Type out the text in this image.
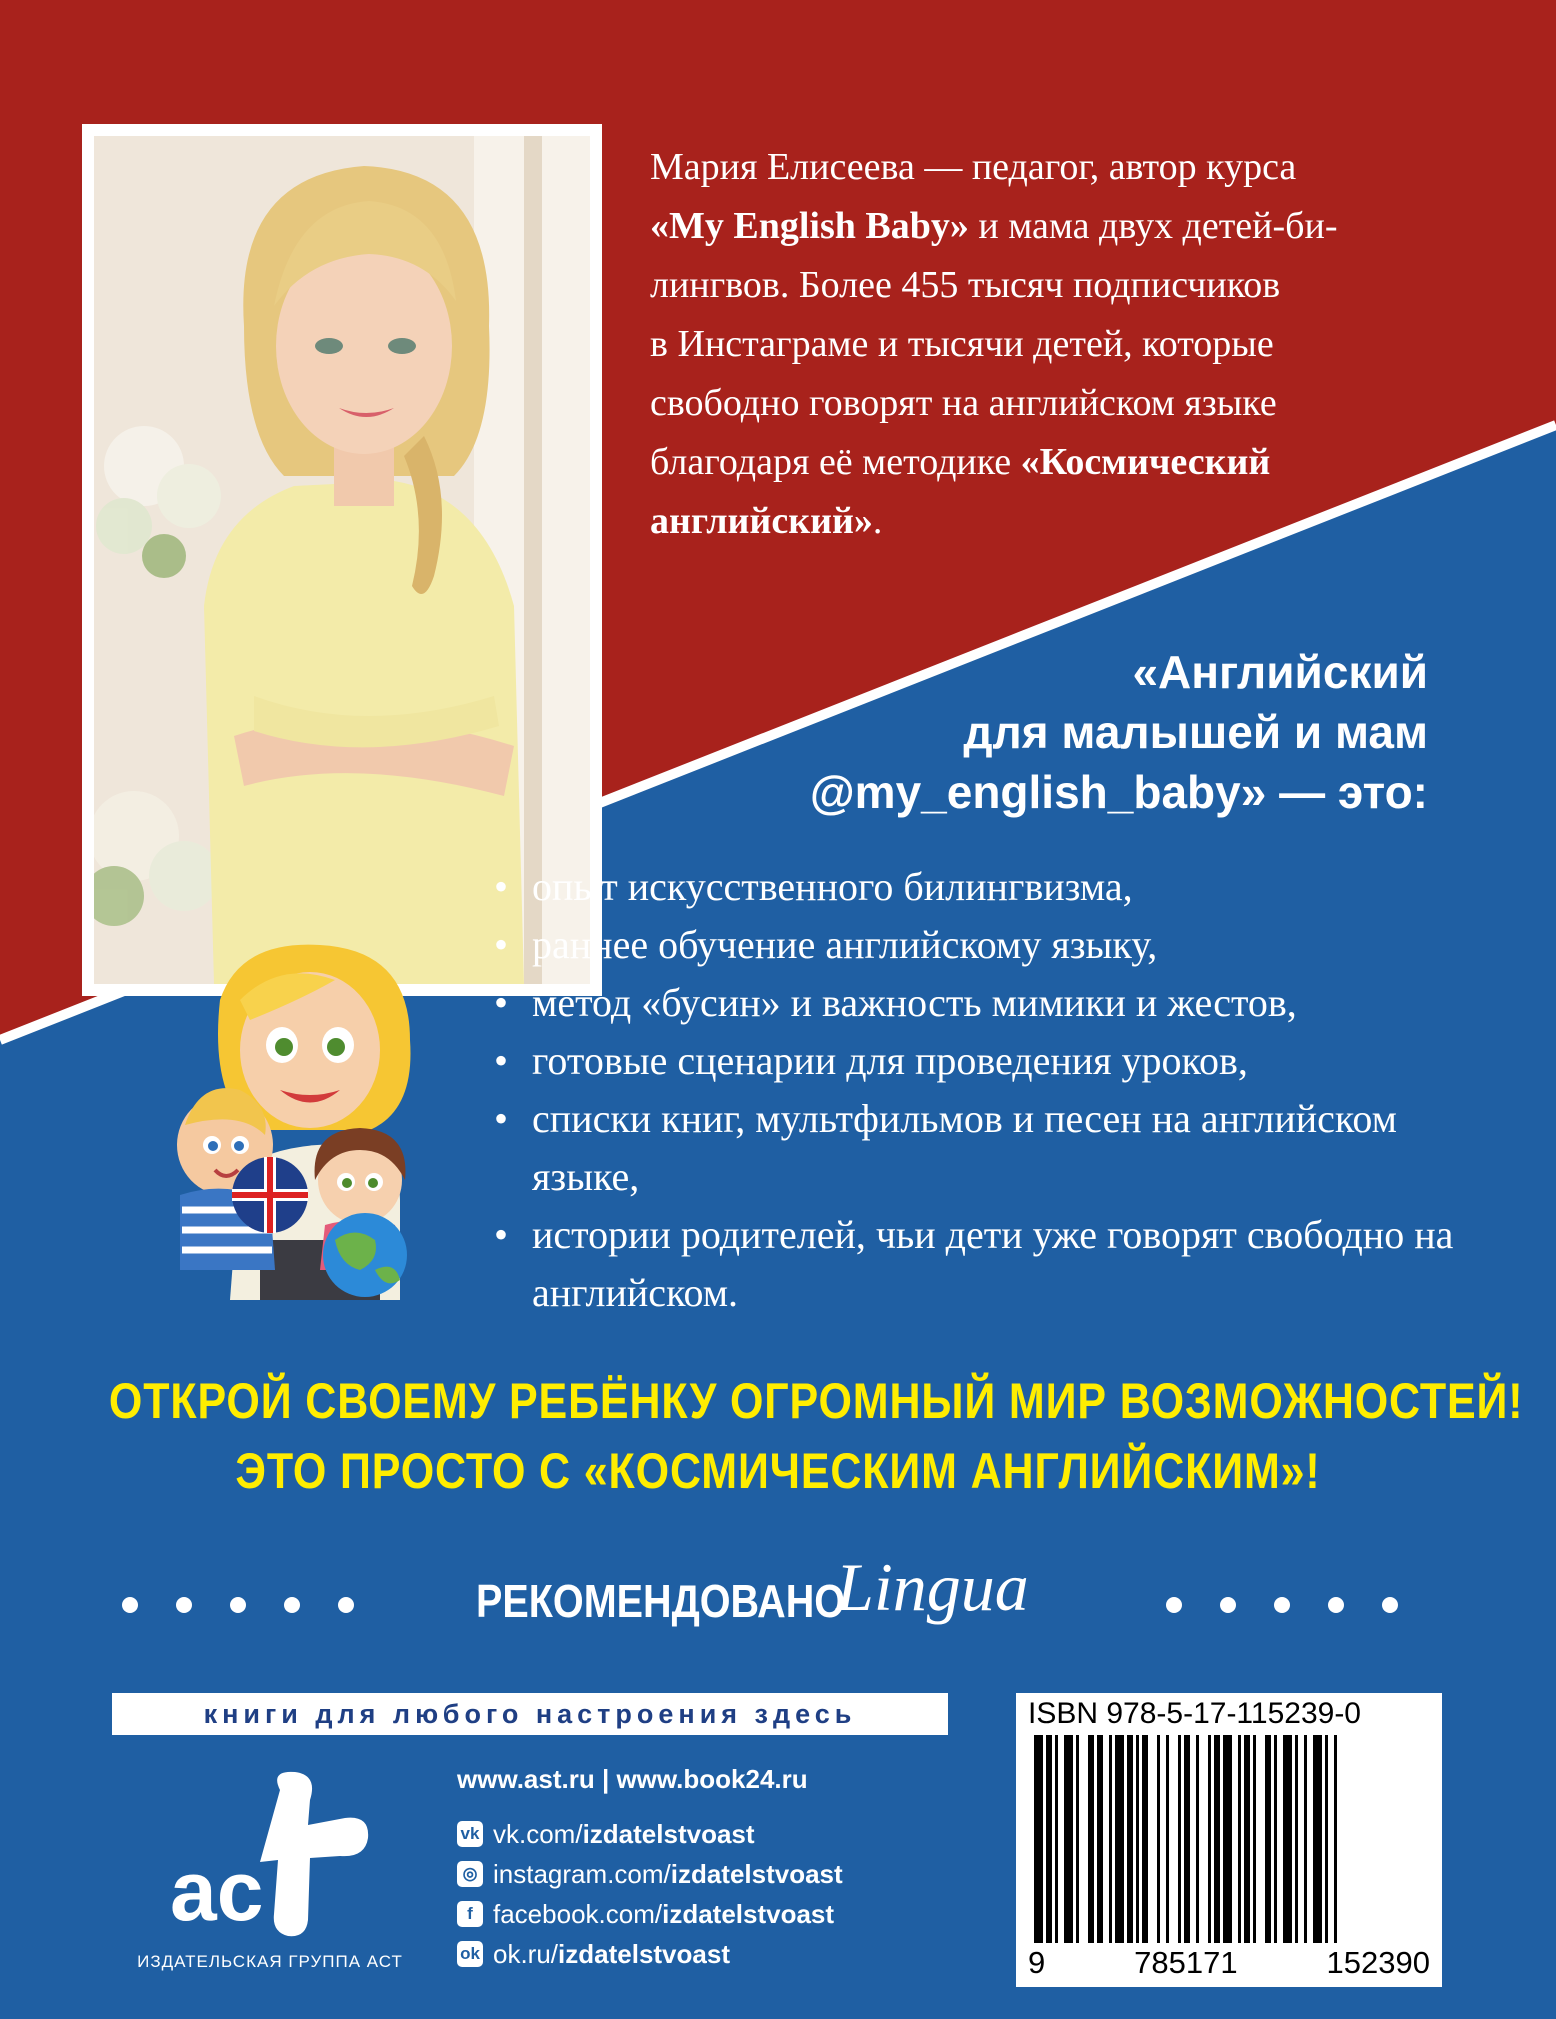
Мария Елисеева — педагог, автор курса

«My English Baby» и мама двух детей-би-

лингвов. Более 455 тысяч подписчиков

в Инстаграме и тысячи детей, которые

свободно говорят на английском языке

благодаря её методике «Космический

английский».

«Английский
для малышей и мам
@my_english_baby» — это:
• опыт искусственного билингвизма,
• раннее обучение английскому языку,
• метод «бусин» и важность мимики и жестов,
• готовые сценарии для проведения уроков,
• списки книг, мультфильмов и песен на английском языке,
• истории родителей, чьи дети уже говорят свободно на английском.
ОТКРОЙ СВОЕМУ РЕБЁНКУ ОГРОМНЫЙ МИР ВОЗМОЖНОСТЕЙ!
ЭТО ПРОСТО С «КОСМИЧЕСКИМ АНГЛИЙСКИМ»!
РЕКОМЕНДОВАНО
Lingua
книги для любого настроения здесь
ac
ИЗДАТЕЛЬСКАЯ ГРУППА АСТ
www.ast.ru | www.book24.ru
vk vk.com/izdatelstvoast
◎ instagram.com/izdatelstvoast
f facebook.com/izdatelstvoast
ok ok.ru/izdatelstvoast
ISBN 978-5-17-115239-0
9	785171	152390
